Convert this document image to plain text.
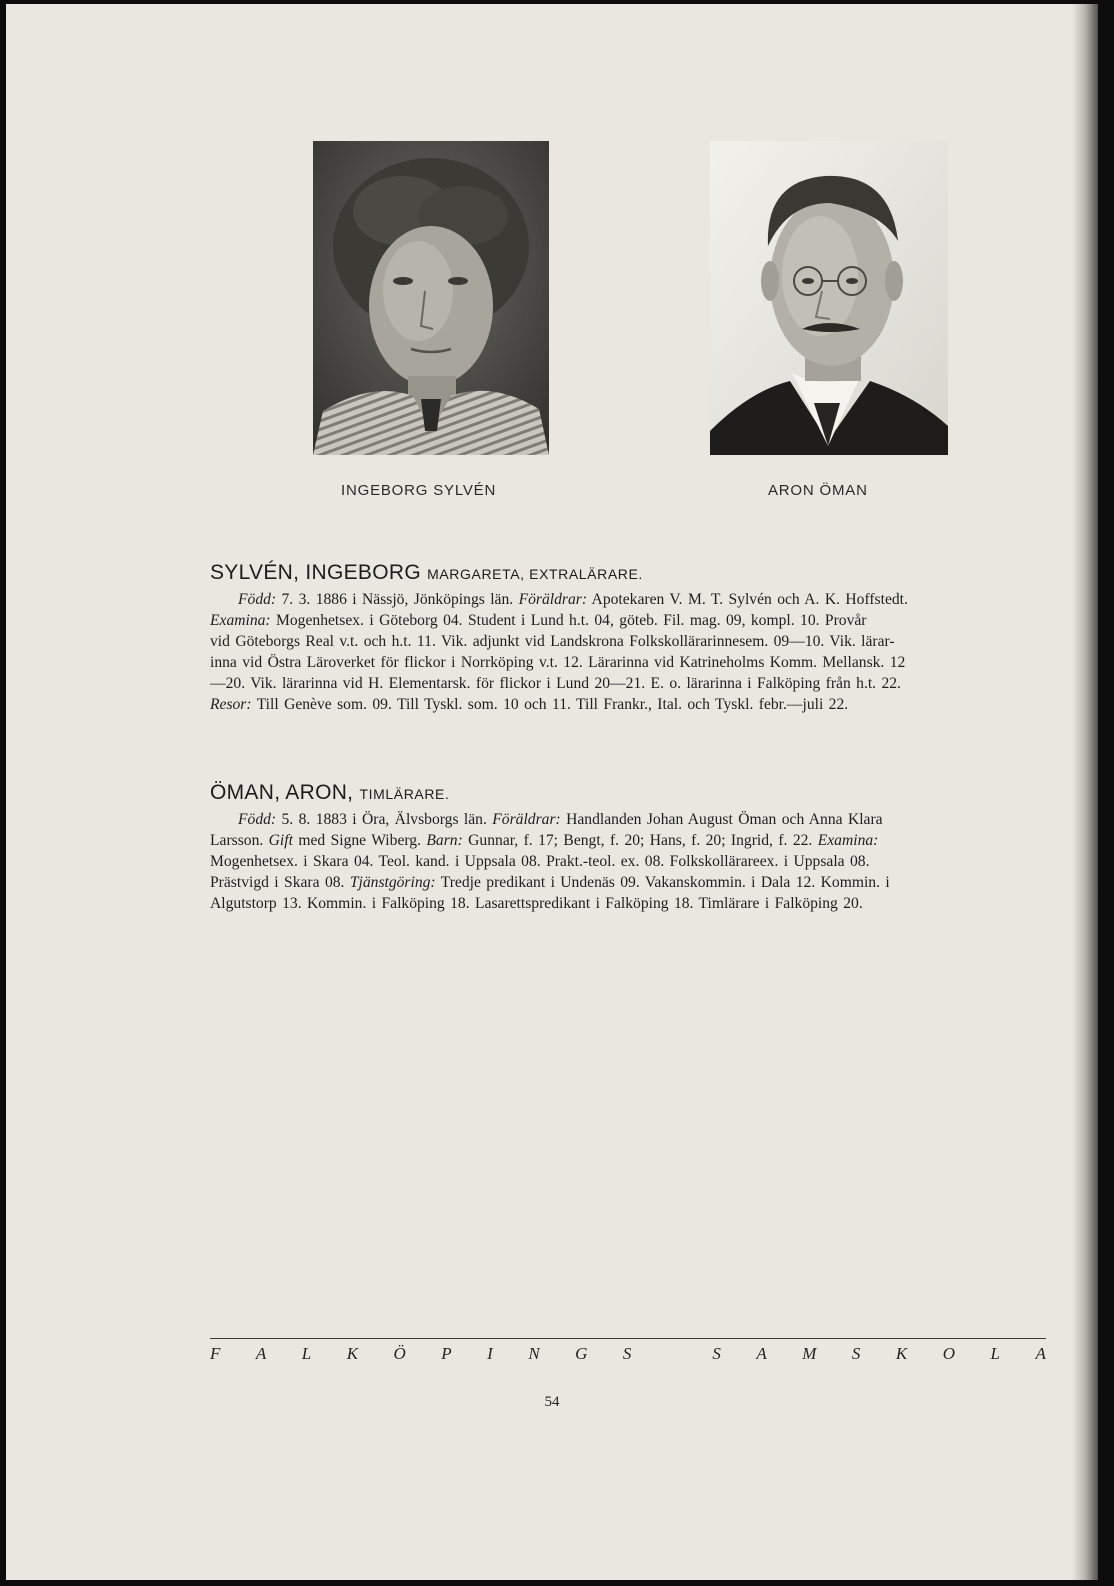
INGEBORG SYLVÉN	ARON ÖMAN
SYLVÉN, INGEBORG MARGARETA, EXTRALÄRARE.

Född: 7. 3. 1886 i Nässjö, Jönköpings län. Föräldrar: Apotekaren V. M. T. Sylvén och A. K. Hoffstedt.
Examina: Mogenhetsex. i Göteborg 04. Student i Lund h.t. 04, göteb. Fil. mag. 09, kompl. 10. Provår
vid Göteborgs Real v.t. och h.t. 11. Vik. adjunkt vid Landskrona Folkskollärarinnesem. 09—10. Vik. lärar-
inna vid Östra Läroverket för flickor i Norrköping v.t. 12. Lärarinna vid Katrineholms Komm. Mellansk. 12
—20. Vik. lärarinna vid H. Elementarsk. för flickor i Lund 20—21. E. o. lärarinna i Falköping från h.t. 22.
Resor: Till Genève som. 09. Till Tyskl. som. 10 och 11. Till Frankr., Ital. och Tyskl. febr.—juli 22.

ÖMAN, ARON, TIMLÄRARE.

Född: 5. 8. 1883 i Öra, Älvsborgs län. Föräldrar: Handlanden Johan August Öman och Anna Klara
Larsson. Gift med Signe Wiberg. Barn: Gunnar, f. 17; Bengt, f. 20; Hans, f. 20; Ingrid, f. 22. Examina:
Mogenhetsex. i Skara 04. Teol. kand. i Uppsala 08. Prakt.-teol. ex. 08. Folkskollärareex. i Uppsala 08.
Prästvigd i Skara 08. Tjänstgöring: Tredje predikant i Undenäs 09. Vakanskommin. i Dala 12. Kommin. i
Algutstorp 13. Kommin. i Falköping 18. Lasarettspredikant i Falköping 18. Timlärare i Falköping 20.

F A L K Ö P I N G S	S A M S K O L A
54
